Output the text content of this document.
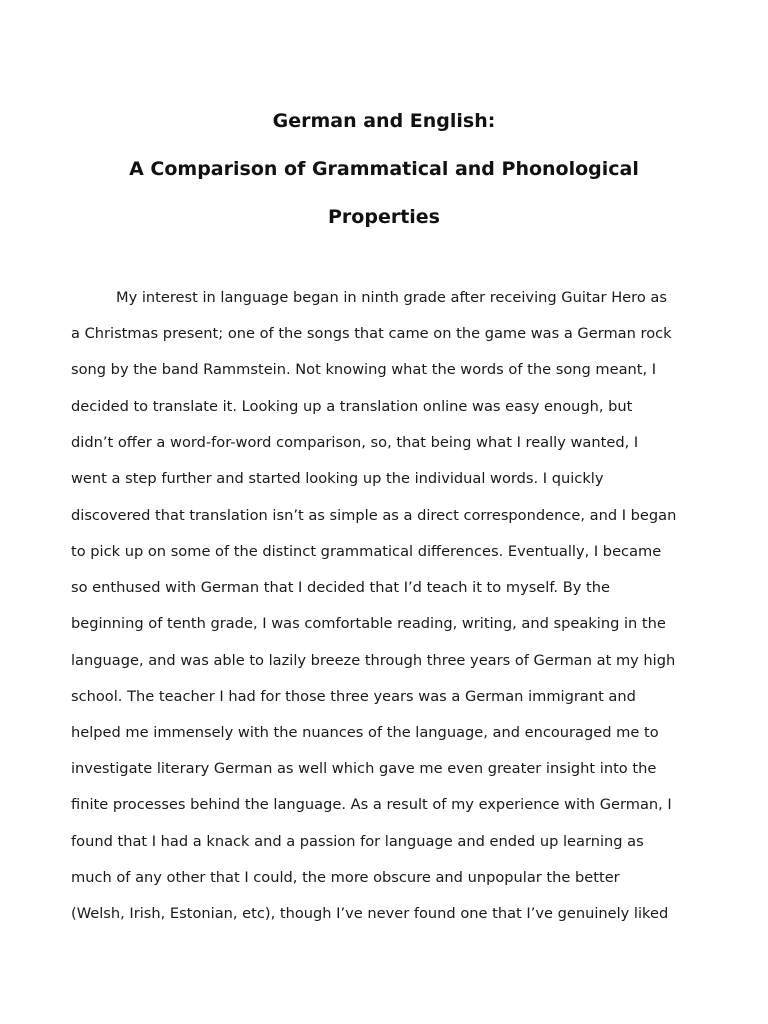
German and English:
A Comparison of Grammatical and Phonological
Properties
My interest in language began in ninth grade after receiving Guitar Hero as
a Christmas present; one of the songs that came on the game was a German rock
song by the band Rammstein. Not knowing what the words of the song meant, I
decided to translate it. Looking up a translation online was easy enough, but
didn’t offer a word-for-word comparison, so, that being what I really wanted, I
went a step further and started looking up the individual words. I quickly
discovered that translation isn’t as simple as a direct correspondence, and I began
to pick up on some of the distinct grammatical differences. Eventually, I became
so enthused with German that I decided that I’d teach it to myself. By the
beginning of tenth grade, I was comfortable reading, writing, and speaking in the
language, and was able to lazily breeze through three years of German at my high
school. The teacher I had for those three years was a German immigrant and
helped me immensely with the nuances of the language, and encouraged me to
investigate literary German as well which gave me even greater insight into the
finite processes behind the language. As a result of my experience with German, I
found that I had a knack and a passion for language and ended up learning as
much of any other that I could, the more obscure and unpopular the better
(Welsh, Irish, Estonian, etc), though I’ve never found one that I’ve genuinely liked
